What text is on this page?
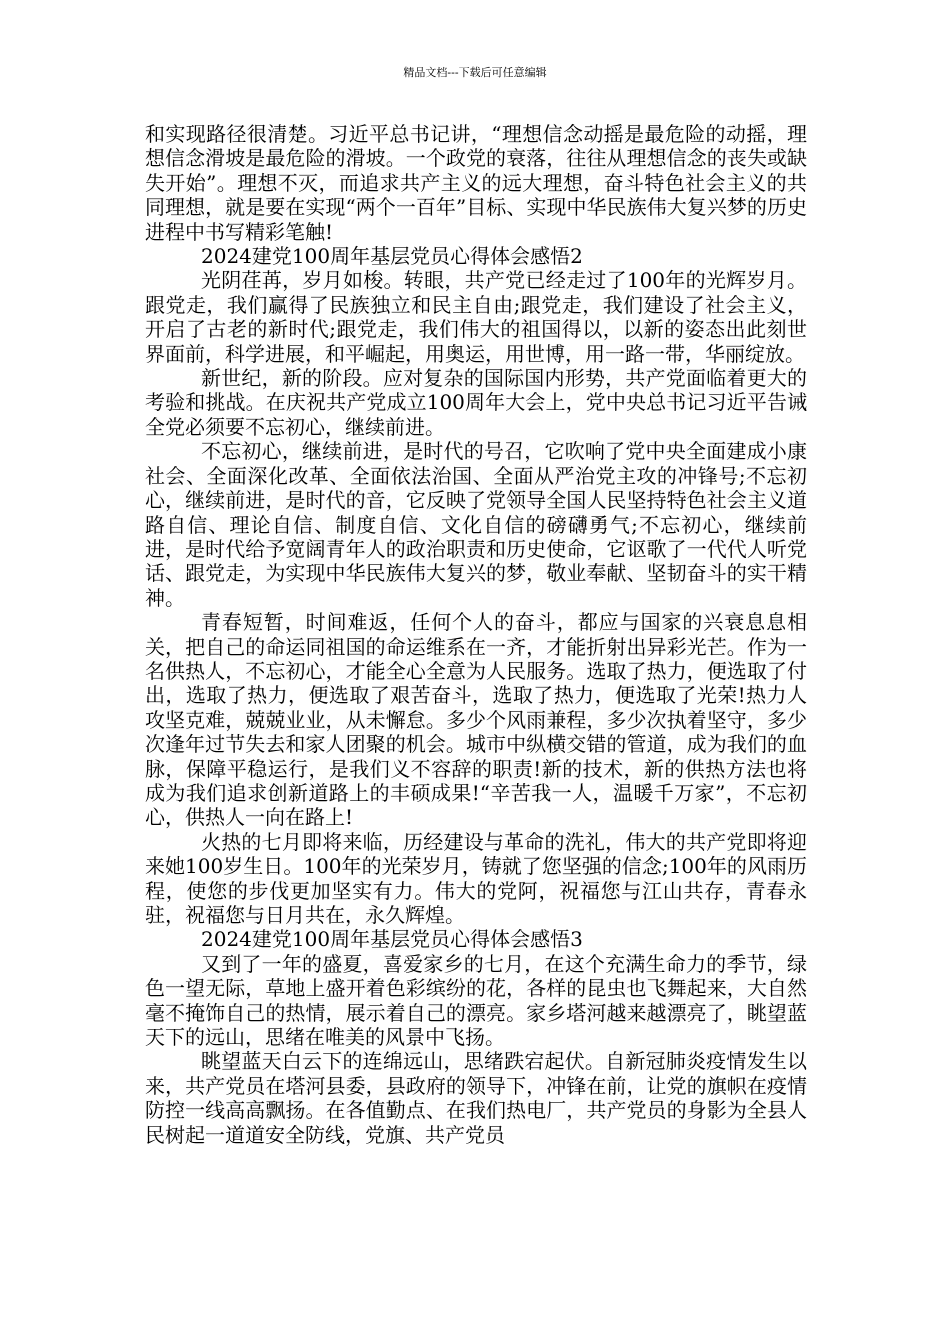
精品文档---下载后可任意编辑

和实现路径很清楚。习近平总书记讲，“理想信念动摇是最危险的动摇，理想信念滑坡是最危险的滑坡。一个政党的衰落，往往从理想信念的丧失或缺失开始”。理想不灭，而追求共产主义的远大理想，奋斗特色社会主义的共同理想，就是要在实现“两个一百年”目标、实现中华民族伟大复兴梦的历史进程中书写精彩笔触!

2024建党100周年基层党员心得体会感悟2

光阴荏苒，岁月如梭。转眼，共产党已经走过了100年的光辉岁月。跟党走，我们赢得了民族独立和民主自由;跟党走，我们建设了社会主义，开启了古老的新时代;跟党走，我们伟大的祖国得以，以新的姿态出此刻世界面前，科学进展，和平崛起，用奥运，用世博，用一路一带，华丽绽放。

新世纪，新的阶段。应对复杂的国际国内形势，共产党面临着更大的考验和挑战。在庆祝共产党成立100周年大会上，党中央总书记习近平告诫全党必须要不忘初心，继续前进。

不忘初心，继续前进，是时代的号召，它吹响了党中央全面建成小康社会、全面深化改革、全面依法治国、全面从严治党主攻的冲锋号;不忘初心，继续前进，是时代的音，它反映了党领导全国人民坚持特色社会主义道路自信、理论自信、制度自信、文化自信的磅礴勇气;不忘初心，继续前进，是时代给予宽阔青年人的政治职责和历史使命，它讴歌了一代代人听党话、跟党走，为实现中华民族伟大复兴的梦，敬业奉献、坚韧奋斗的实干精神。

青春短暂，时间难返，任何个人的奋斗，都应与国家的兴衰息息相关，把自己的命运同祖国的命运维系在一齐，才能折射出异彩光芒。作为一名供热人，不忘初心，才能全心全意为人民服务。选取了热力，便选取了付出，选取了热力，便选取了艰苦奋斗，选取了热力，便选取了光荣!热力人攻坚克难，兢兢业业，从未懈怠。多少个风雨兼程，多少次执着坚守，多少次逢年过节失去和家人团聚的机会。城市中纵横交错的管道，成为我们的血脉，保障平稳运行，是我们义不容辞的职责!新的技术，新的供热方法也将成为我们追求创新道路上的丰硕成果!“辛苦我一人，温暖千万家”，不忘初心，供热人一向在路上!

火热的七月即将来临，历经建设与革命的洗礼，伟大的共产党即将迎来她100岁生日。100年的光荣岁月，铸就了您坚强的信念;100年的风雨历程，使您的步伐更加坚实有力。伟大的党阿，祝福您与江山共存，青春永驻，祝福您与日月共在，永久辉煌。

2024建党100周年基层党员心得体会感悟3

又到了一年的盛夏，喜爱家乡的七月，在这个充满生命力的季节，绿色一望无际，草地上盛开着色彩缤纷的花，各样的昆虫也飞舞起来，大自然毫不掩饰自己的热情，展示着自己的漂亮。家乡塔河越来越漂亮了，眺望蓝天下的远山，思绪在唯美的风景中飞扬。

眺望蓝天白云下的连绵远山，思绪跌宕起伏。自新冠肺炎疫情发生以来，共产党员在塔河县委，县政府的领导下，冲锋在前，让党的旗帜在疫情防控一线高高飘扬。在各值勤点、在我们热电厂，共产党员的身影为全县人民树起一道道安全防线，党旗、共产党员
